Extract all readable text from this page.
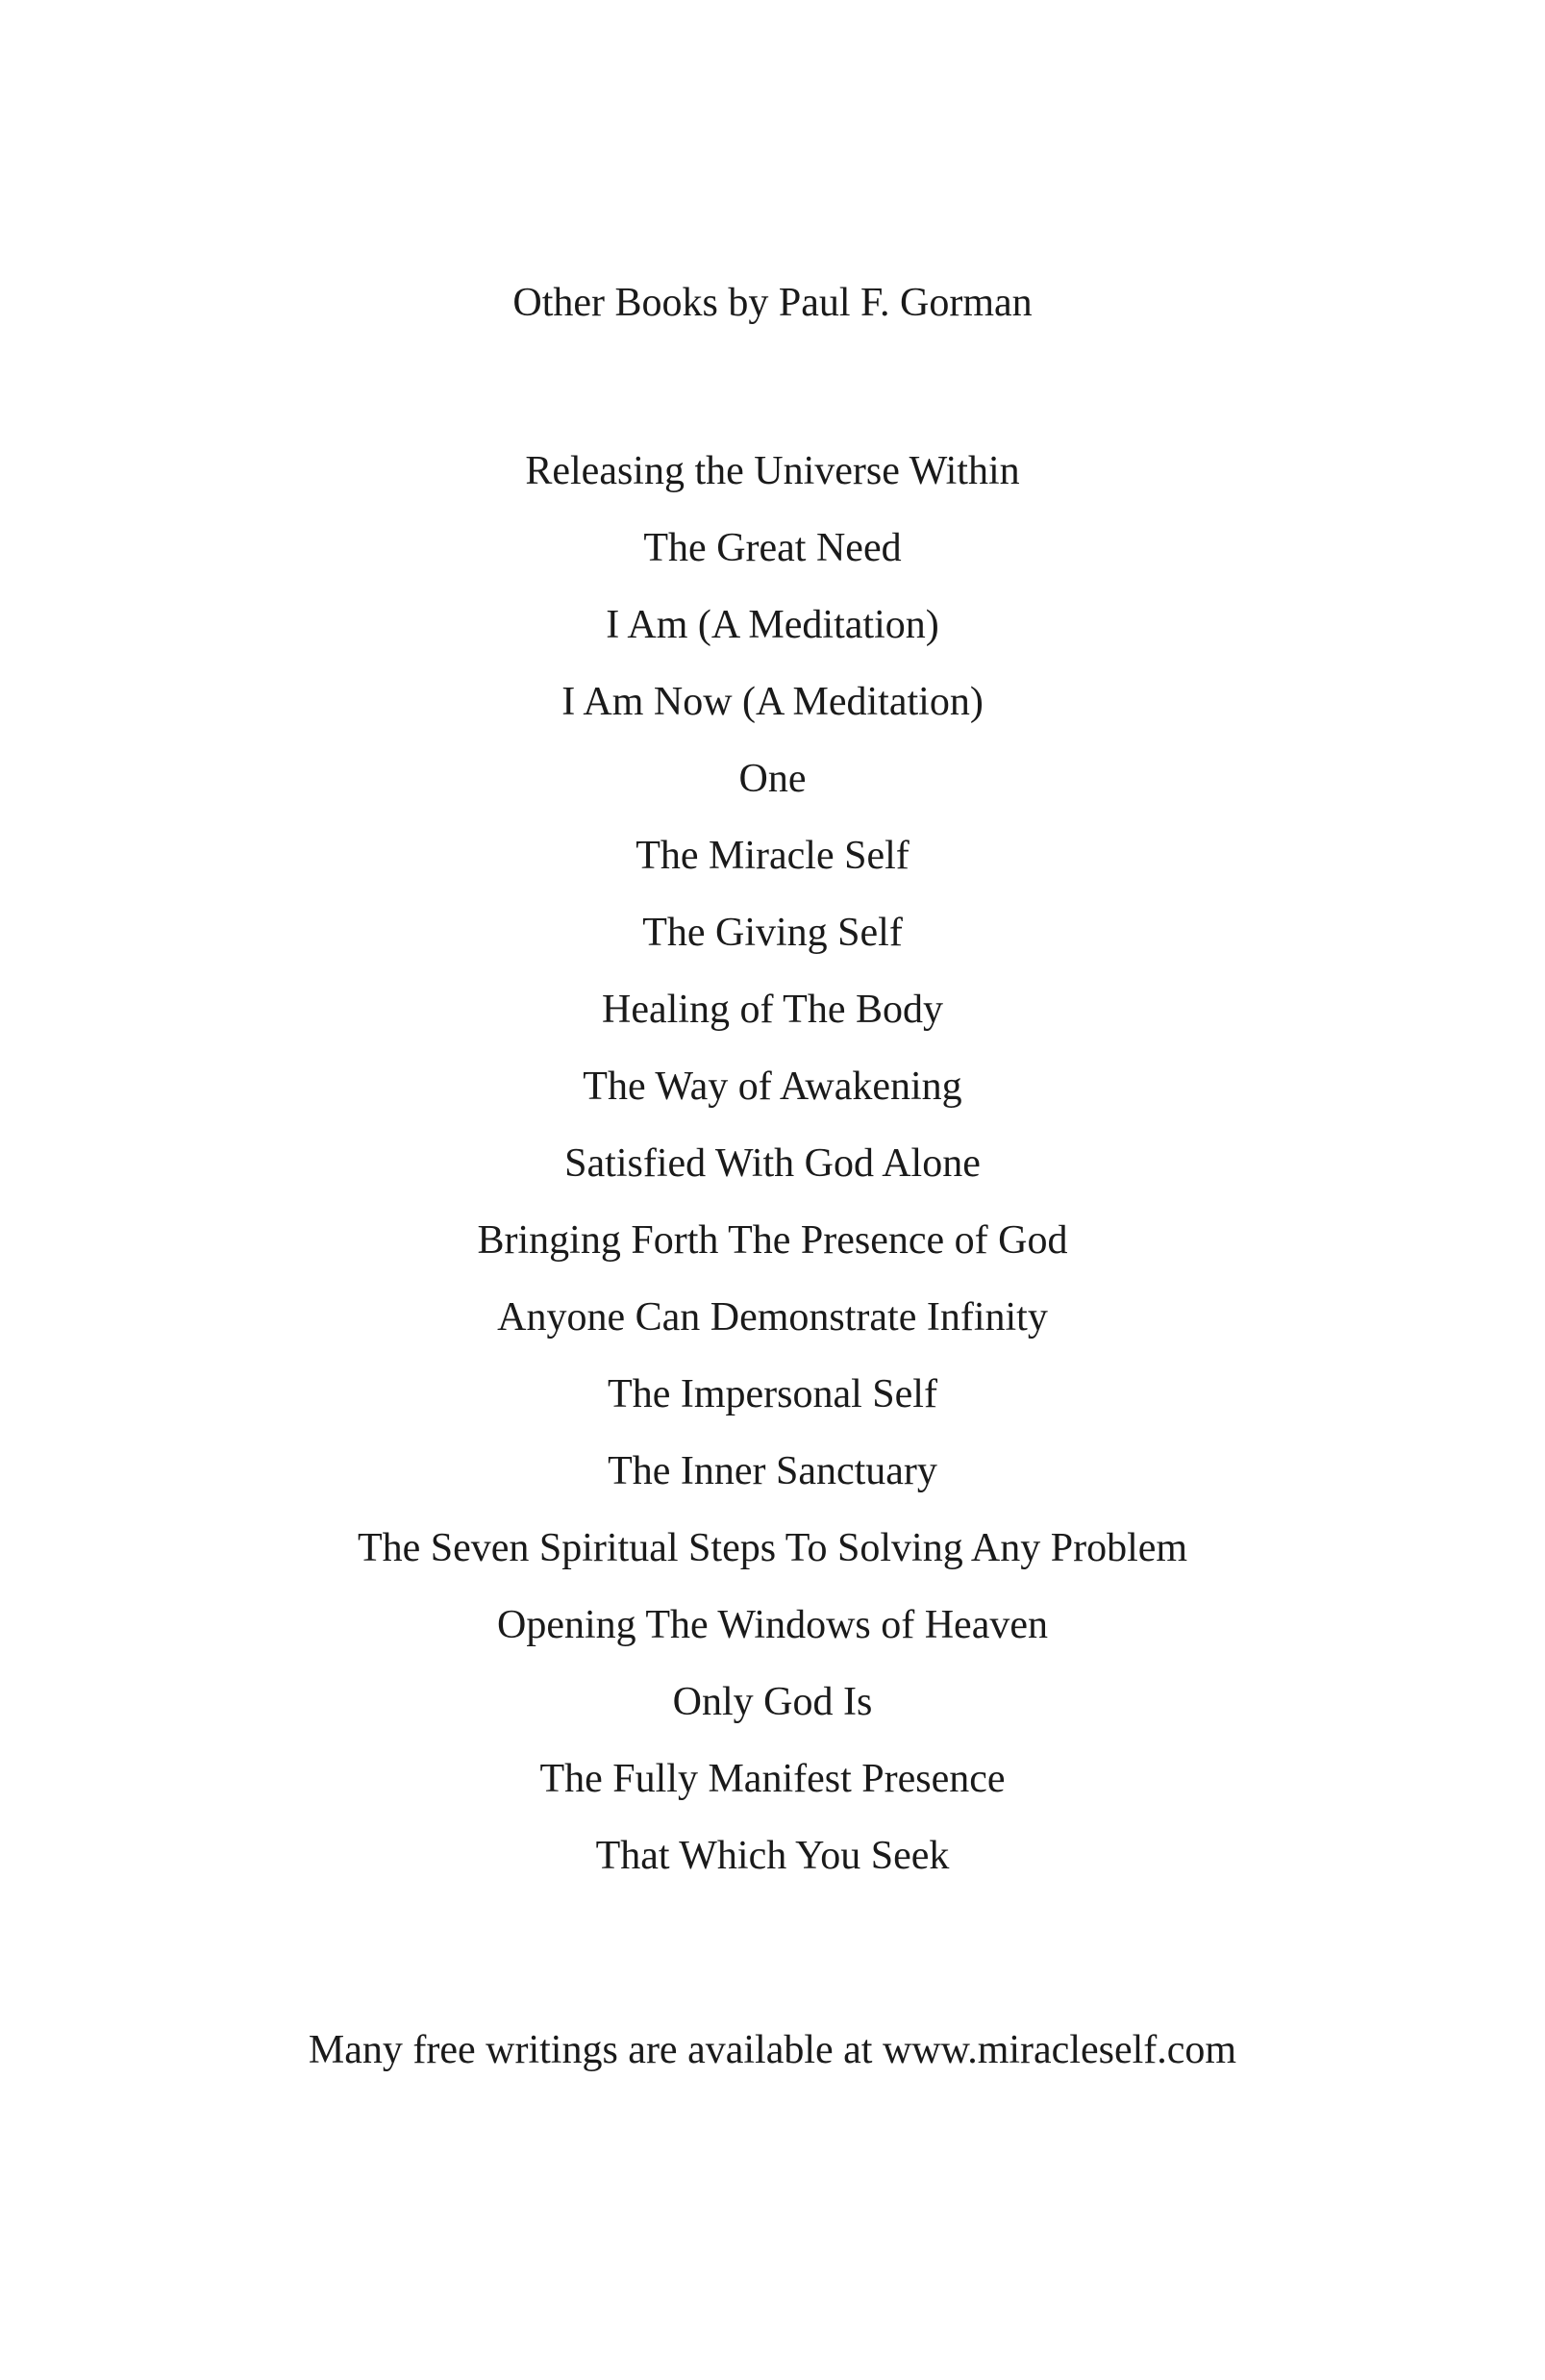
Other Books by Paul F. Gorman
Releasing the Universe Within
The Great Need
I Am (A Meditation)
I Am Now (A Meditation)
One
The Miracle Self
The Giving Self
Healing of The Body
The Way of Awakening
Satisfied With God Alone
Bringing Forth The Presence of God
Anyone Can Demonstrate Infinity
The Impersonal Self
The Inner Sanctuary
The Seven Spiritual Steps To Solving Any Problem
Opening The Windows of Heaven
Only God Is
The Fully Manifest Presence
That Which You Seek

Many free writings are available at www.miracleself.com
